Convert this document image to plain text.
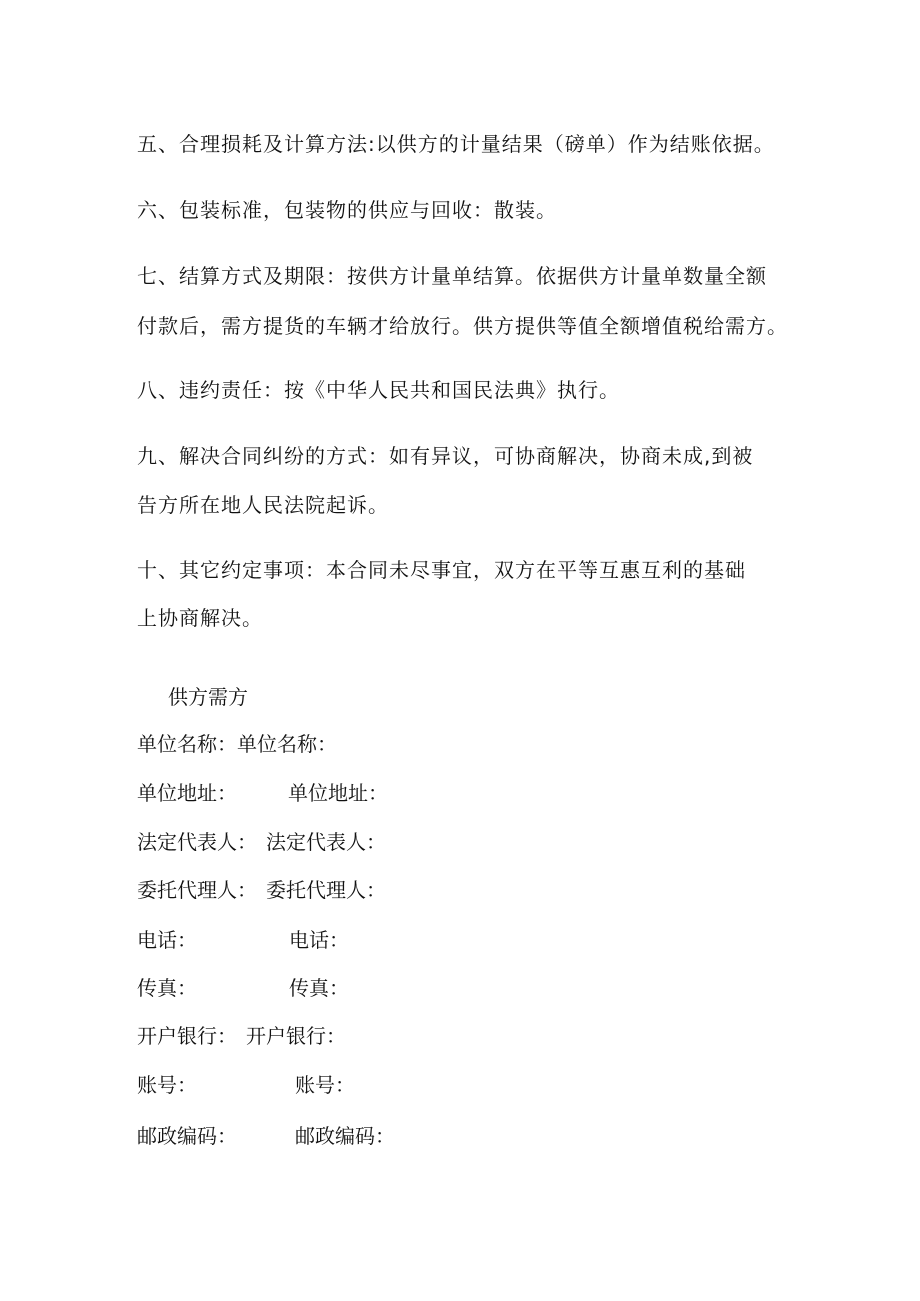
五、合理损耗及计算方法:以供方的计量结果（磅单）作为结账依据。
六、包装标准，包装物的供应与回收：散装。
七、结算方式及期限：按供方计量单结算。依据供方计量单数量全额
付款后，需方提货的车辆才给放行。供方提供等值全额增值税给需方。
八、违约责任：按《中华人民共和国民法典》执行。
九、解决合同纠纷的方式：如有异议，可协商解决，协商未成,到被
告方所在地人民法院起诉。
十、其它约定事项：本合同未尽事宜，双方在平等互惠互利的基础
上协商解决。
供方需方
单位名称： 单位名称：
单位地址：	单位地址：
法定代表人： 法定代表人：
委托代理人： 委托代理人：
电话：	电话：
传真：	传真：
开户银行： 开户银行：
账号：	账号：
邮政编码：	邮政编码：
